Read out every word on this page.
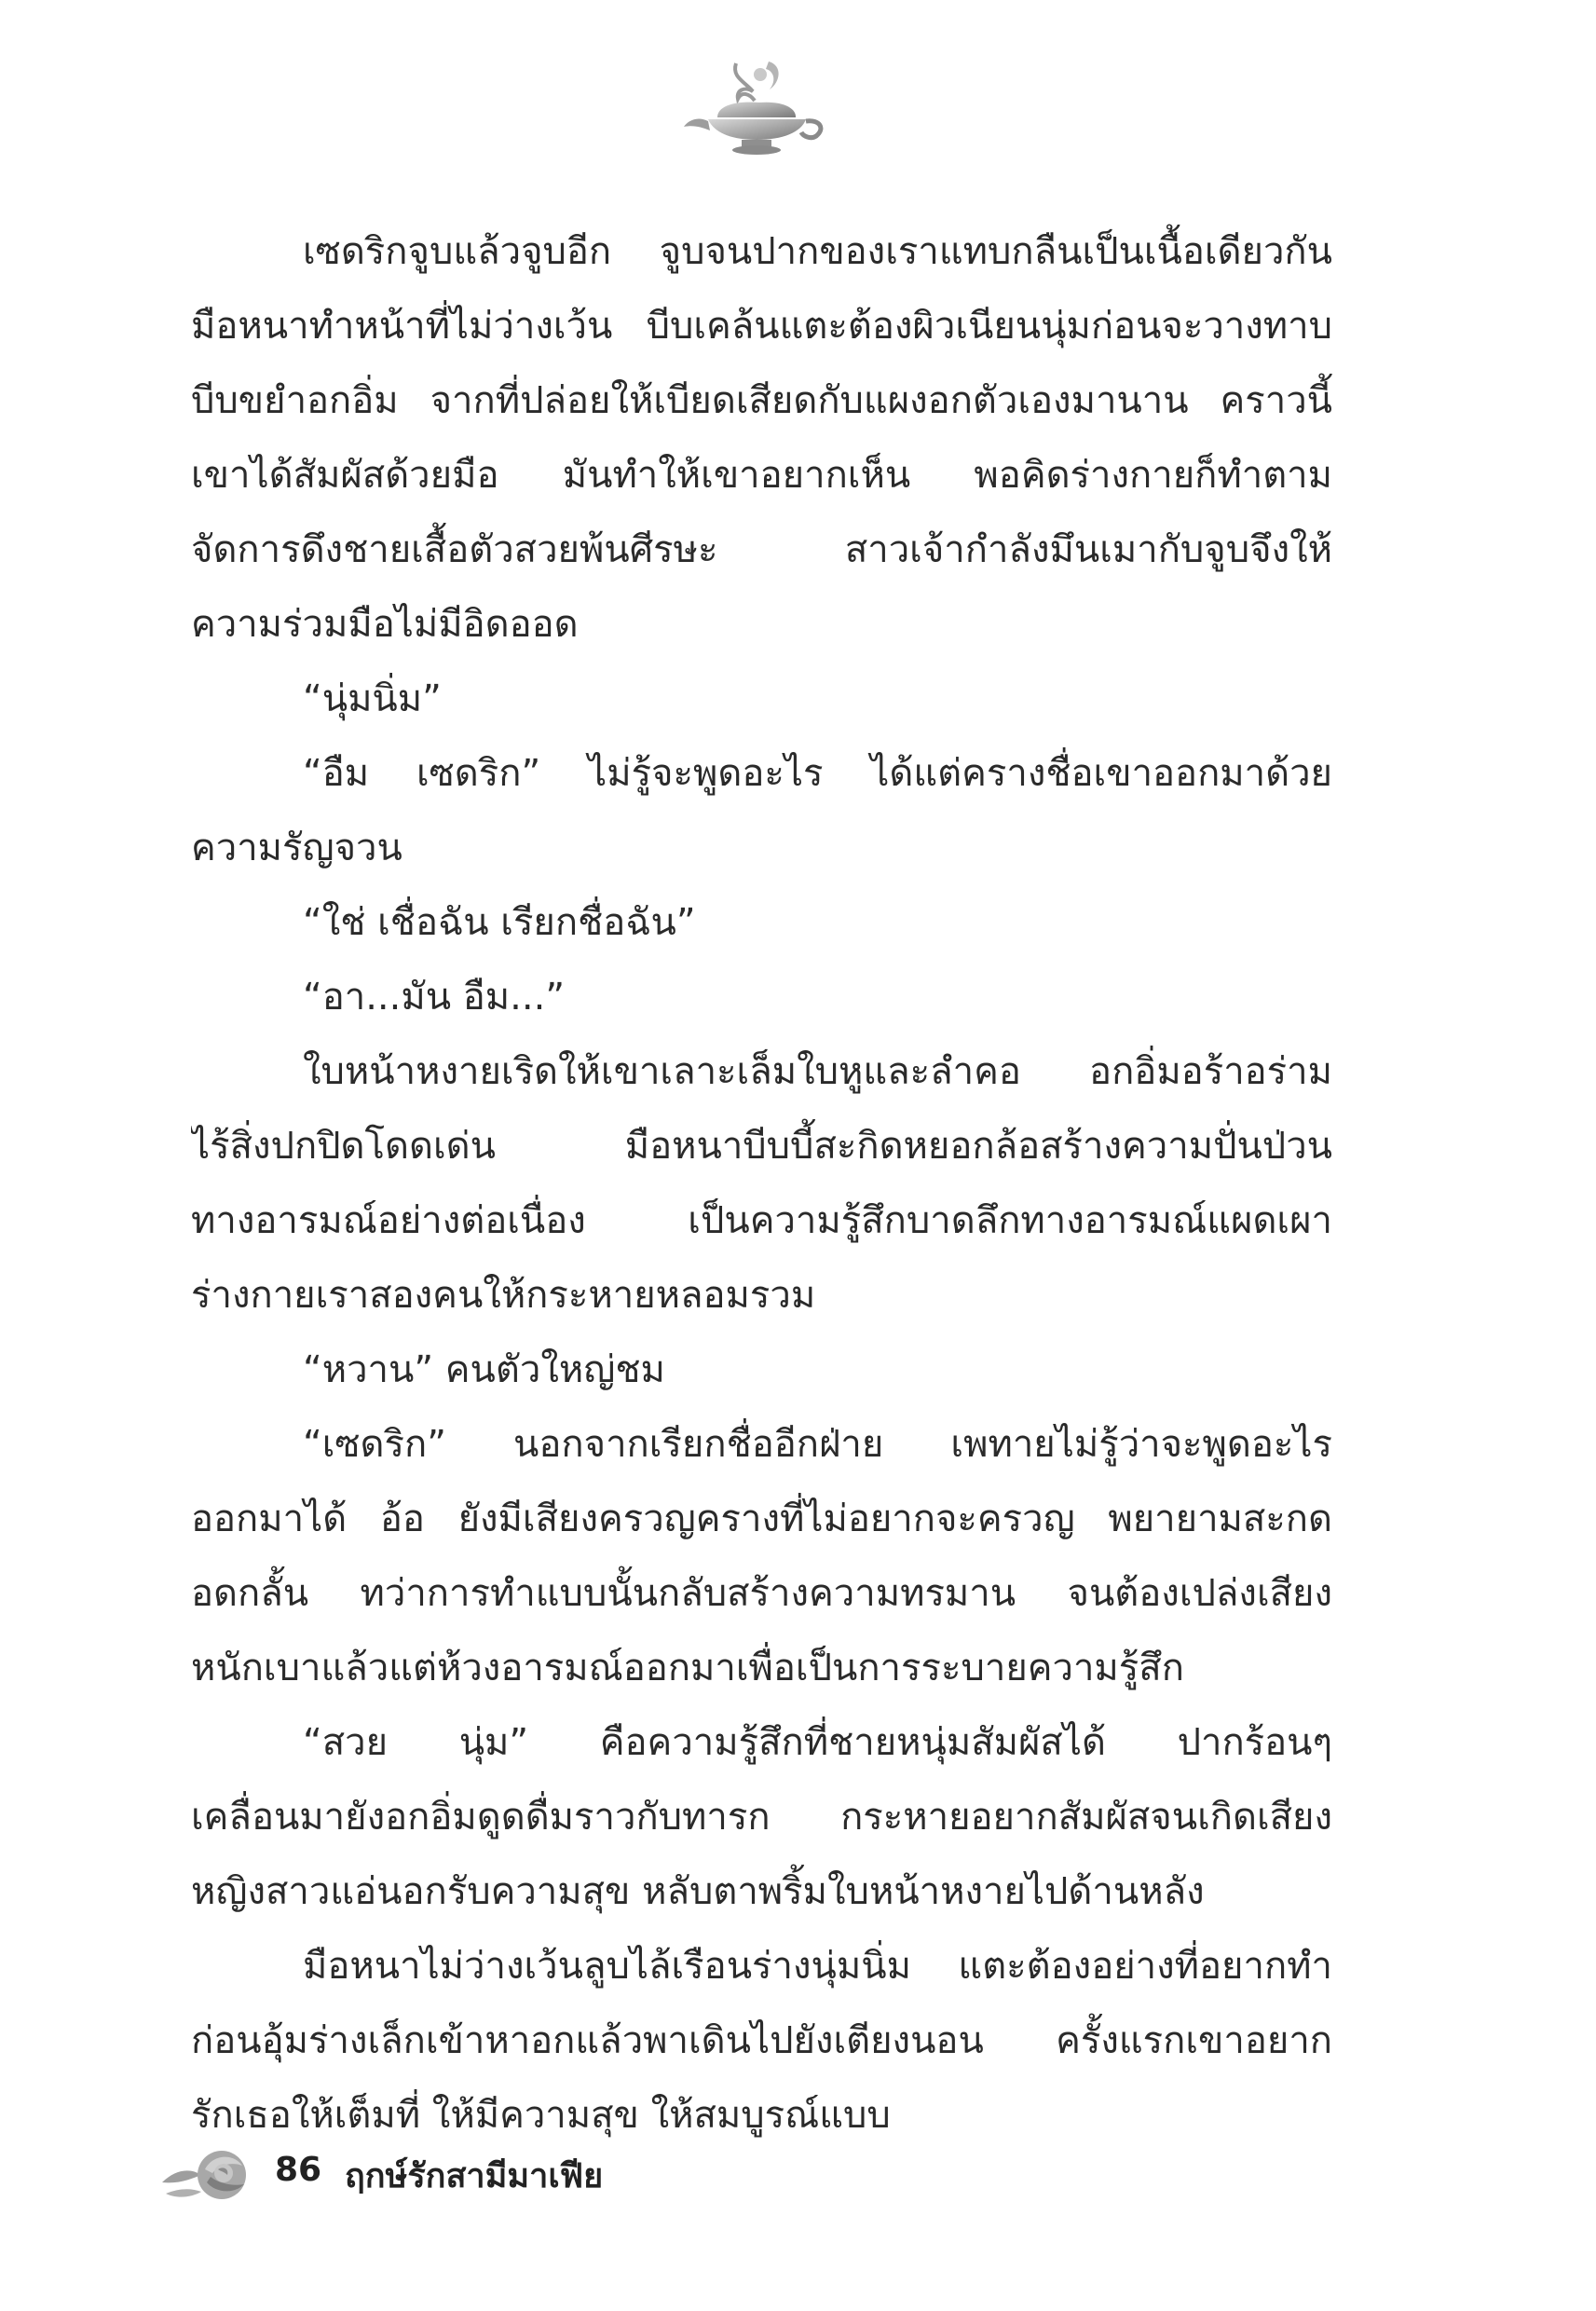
เซดริกจูบแล้วจูบอีก จูบจนปากของเราแทบกลืนเป็นเนื้อเดียวกัน
มือหนาทำหน้าที่ไม่ว่างเว้น บีบเคล้นแตะต้องผิวเนียนนุ่มก่อนจะวางทาบ
บีบขยำอกอิ่ม จากที่ปล่อยให้เบียดเสียดกับแผงอกตัวเองมานาน คราวนี้
เขาได้สัมผัสด้วยมือ มันทำให้เขาอยากเห็น พอคิดร่างกายก็ทำตาม
จัดการดึงชายเสื้อตัวสวยพ้นศีรษะ สาวเจ้ากำลังมึนเมากับจูบจึงให้
ความร่วมมือไม่มีอิดออด
“นุ่มนิ่ม”
“อืม เซดริก” ไม่รู้จะพูดอะไร ได้แต่ครางชื่อเขาออกมาด้วย
ความรัญจวน
“ใช่ เชื่อฉัน เรียกชื่อฉัน”
“อา...มัน อืม...”
ใบหน้าหงายเริดให้เขาเลาะเล็มใบหูและลำคอ อกอิ่มอร้าอร่าม
ไร้สิ่งปกปิดโดดเด่น มือหนาบีบบี้สะกิดหยอกล้อสร้างความปั่นป่วน
ทางอารมณ์อย่างต่อเนื่อง เป็นความรู้สึกบาดลึกทางอารมณ์แผดเผา
ร่างกายเราสองคนให้กระหายหลอมรวม
“หวาน” คนตัวใหญ่ชม
“เซดริก” นอกจากเรียกชื่ออีกฝ่าย เพทายไม่รู้ว่าจะพูดอะไร
ออกมาได้ อ้อ ยังมีเสียงครวญครางที่ไม่อยากจะครวญ พยายามสะกด
อดกลั้น ทว่าการทำแบบนั้นกลับสร้างความทรมาน จนต้องเปล่งเสียง
หนักเบาแล้วแต่ห้วงอารมณ์ออกมาเพื่อเป็นการระบายความรู้สึก
“สวย นุ่ม” คือความรู้สึกที่ชายหนุ่มสัมผัสได้ ปากร้อนๆ
เคลื่อนมายังอกอิ่มดูดดื่มราวกับทารก กระหายอยากสัมผัสจนเกิดเสียง
หญิงสาวแอ่นอกรับความสุข หลับตาพริ้มใบหน้าหงายไปด้านหลัง
มือหนาไม่ว่างเว้นลูบไล้เรือนร่างนุ่มนิ่ม แตะต้องอย่างที่อยากทำ
ก่อนอุ้มร่างเล็กเข้าหาอกแล้วพาเดินไปยังเตียงนอน ครั้งแรกเขาอยาก
รักเธอให้เต็มที่ ให้มีความสุข ให้สมบูรณ์แบบ
86 ฤกษ์รักสามีมาเฟีย
